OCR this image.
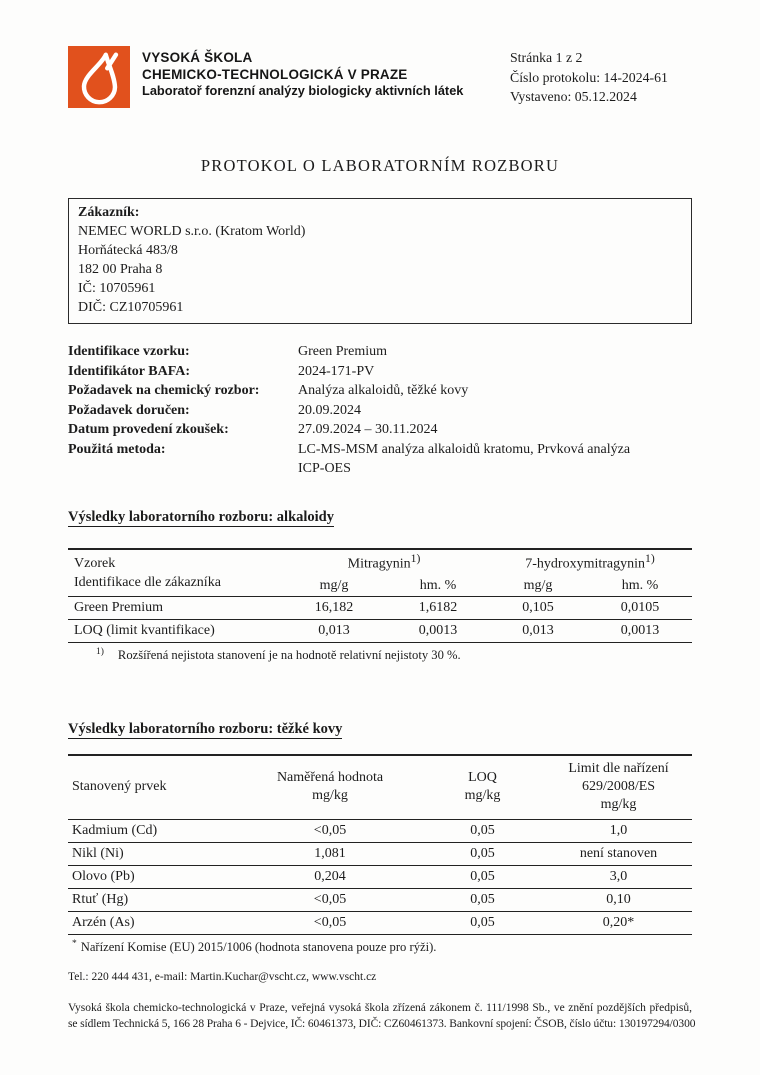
VYSOKÁ ŠKOLA
CHEMICKO-TECHNOLOGICKÁ V PRAZE
Laboratoř forenzní analýzy biologicky aktivních látek
Stránka 1 z 2
Číslo protokolu: 14-2024-61
Vystaveno: 05.12.2024
PROTOKOL O LABORATORNÍM ROZBORU
Zákazník:
NEMEC WORLD s.r.o. (Kratom World)
Horňátecká 483/8
182 00 Praha 8
IČ: 10705961
DIČ: CZ10705961
Identifikace vzorku:	Green Premium
Identifikátor BAFA:	2024-171-PV
Požadavek na chemický rozbor:	Analýza alkaloidů, těžké kovy
Požadavek doručen:	20.09.2024
Datum provedení zkoušek:	27.09.2024 – 30.11.2024
Použitá metoda:	LC-MS-MSM analýza alkaloidů kratomu, Prvková analýza
ICP-OES
Výsledky laboratorního rozboru: alkaloidy
Vzorek
Identifikace dle zákazníka	Mitragynin$^{1)}$		7-hydroxymitragynin$^{1)}$
	mg/g	hm. %	mg/g	hm. %
Green Premium	16,182	1,6182	0,105	0,0105
LOQ (limit kvantifikace)	0,013	0,0013	0,013	0,0013
$^{1)}$ Rozšířená nejistota stanovení je na hodnotě relativní nejistoty 30 %.
Výsledky laboratorního rozboru: těžké kovy
Stanovený prvek

Naměřená hodnota
mg/kg

LOQ
mg/kg

Limit dle nařízení
629/2008/ES
mg/kg

Kadmium (Cd)	<0,05	0,05	1,0
Nikl (Ni)	1,081	0,05	není stanoven
Olovo (Pb)	0,204	0,05	3,0
Rtuť (Hg)	<0,05	0,05	0,10
Arzén (As)	<0,05	0,05	0,20*
* Nařízení Komise (EU) 2015/1006 (hodnota stanovena pouze pro rýži).
Tel.: 220 444 431, e-mail: Martin.Kuchar@vscht.cz, www.vscht.cz
Vysoká škola chemicko-technologická v Praze, veřejná vysoká škola zřízená zákonem č. 111/1998 Sb., ve znění pozdějších předpisů,
se sídlem Technická 5, 166 28 Praha 6 - Dejvice, IČ: 60461373, DIČ: CZ60461373. Bankovní spojení: ČSOB, číslo účtu: 130197294/0300
